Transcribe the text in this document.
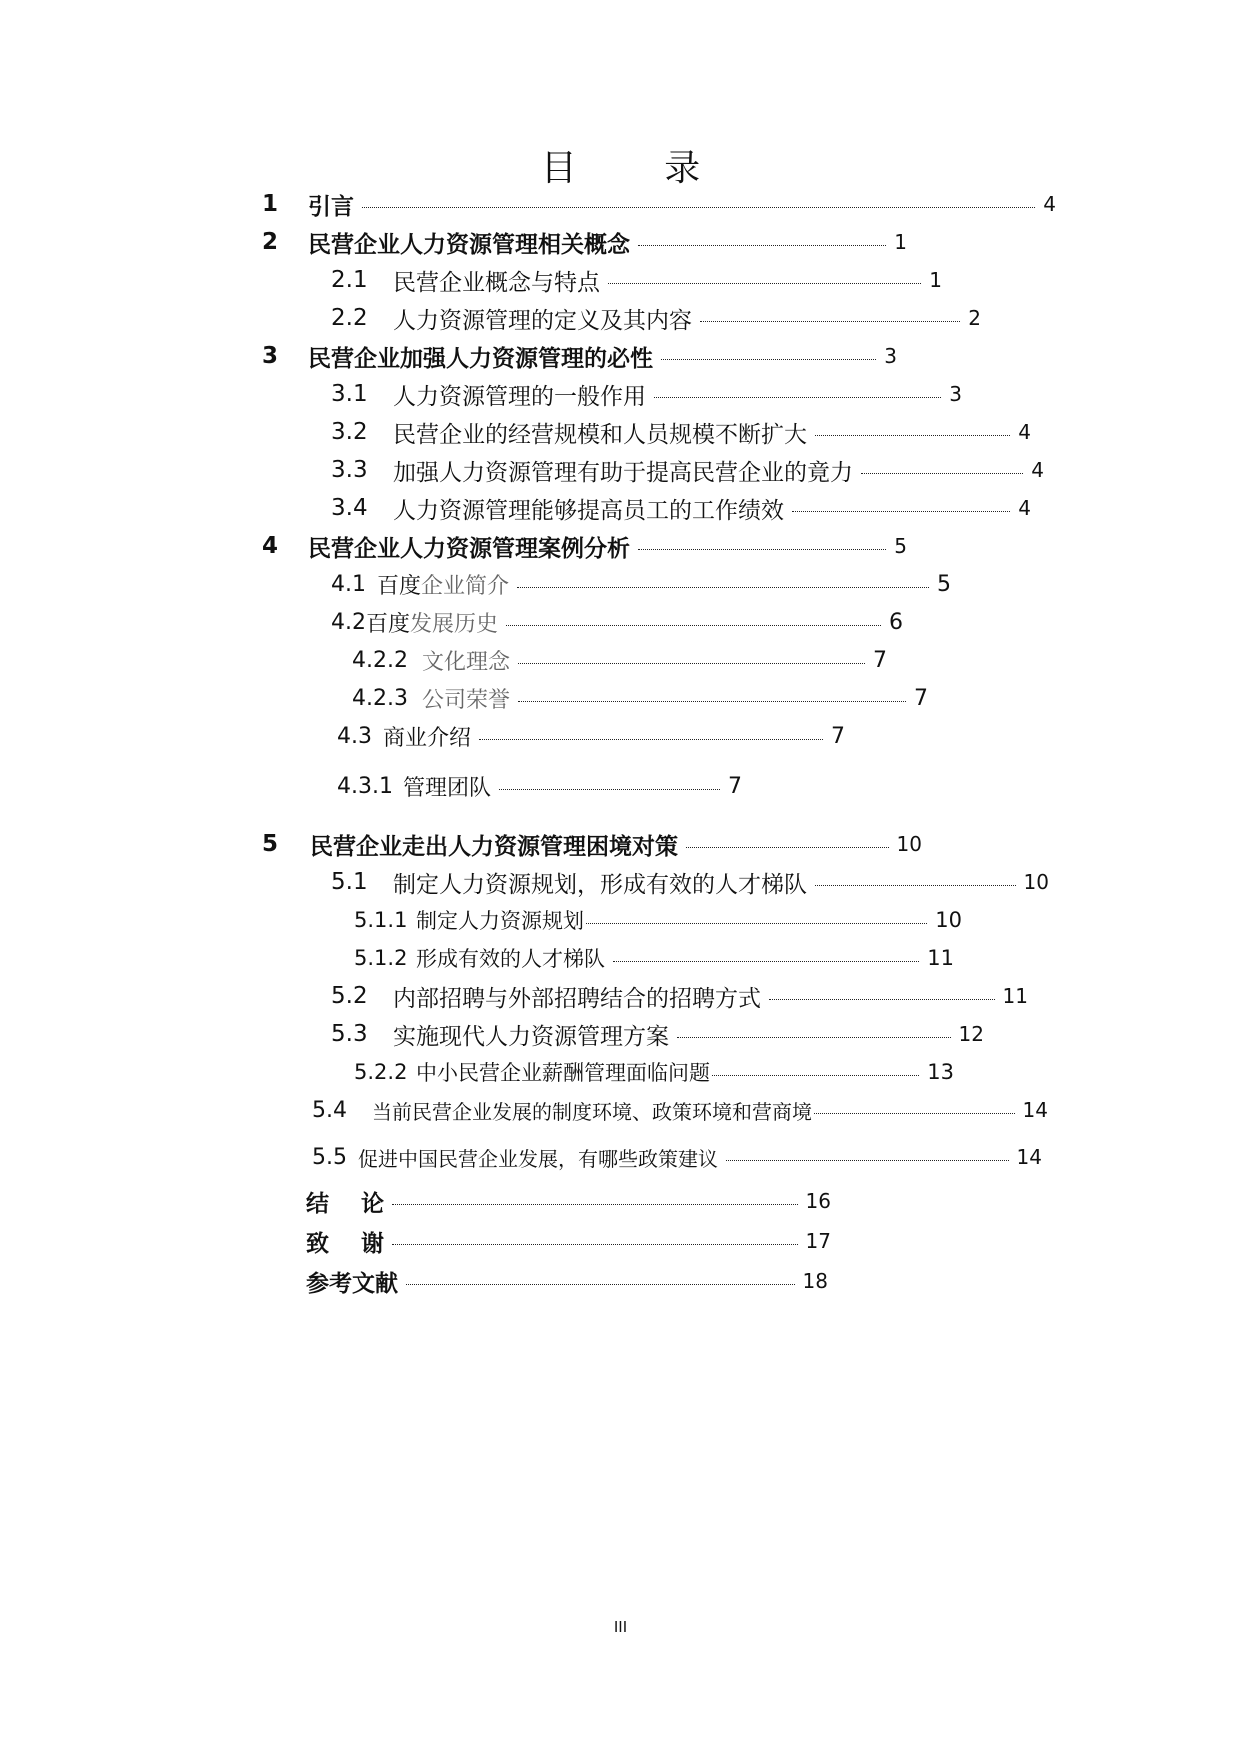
目 录
1	引言	4
2	民营企业人力资源管理相关概念	1
2.1	民营企业概念与特点	1
2.2	人力资源管理的定义及其内容	2
3	民营企业加强人力资源管理的必性	3
3.1	人力资源管理的一般作用	3
3.2	民营企业的经营规模和人员规模不断扩大	4
3.3	加强人力资源管理有助于提高民营企业的竟力	4
3.4	人力资源管理能够提高员工的工作绩效	4
4	民营企业人力资源管理案例分析	5
4.1 百度 企业简介	5
4.2 百度 发展历史	6
4.2.2 文化理念	7
4.2.3 公司荣誉	7
4.3 商业介绍	7
4.3.1 管理团队	7
5	民营企业走出人力资源管理困境对策	10
5.1	制定人力资源规划，形成有效的人才梯队	10
5.1.1 制定人力资源规划	10
5.1.2 形成有效的人才梯队	11
5.2	内部招聘与外部招聘结合的招聘方式	11
5.3	实施现代人力资源管理方案	12
5.2.2 中小民营企业薪酬管理面临问题	13
5.4	当前民营企业发展的制度环境、政策环境和营商境	14
5.5 促进中国民营企业发展，有哪些政策建议	14
结    论	16
致    谢	17
参考文献	18
III
